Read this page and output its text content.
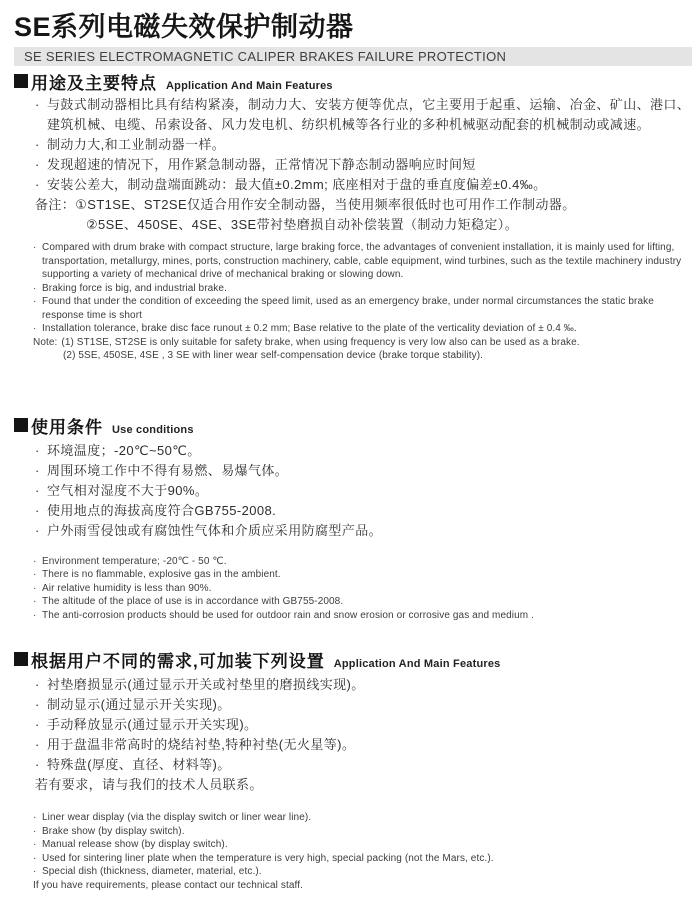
SE系列电磁失效保护制动器
SE SERIES ELECTROMAGNETIC CALIPER BRAKES FAILURE PROTECTION
用途及主要特点 Application And Main Features
· 与鼓式制动器相比具有结构紧凑，制动力大、安装方便等优点，它主要用于起重、运输、冶金、矿山、港口、建筑机械、电缆、吊索设备、风力发电机、纺织机械等各行业的多种机械驱动配套的机械制动或减速。
· 制动力大,和工业制动器一样。
· 发现超速的情况下，用作紧急制动器，正常情况下静态制动器响应时间短
· 安装公差大，制动盘端面跳动：最大值±0.2mm; 底座相对于盘的垂直度偏差±0.4‰。
备注： ①ST1SE、ST2SE仅适合用作安全制动器，当使用频率很低时也可用作工作制动器。
②5SE、450SE、4SE、3SE带衬垫磨损自动补偿装置（制动力矩稳定）。
· Compared with drum brake with compact structure, large braking force, the advantages of convenient installation, it is mainly used for lifting, transportation, metallurgy, mines, ports, construction machinery, cable, cable equipment, wind turbines, such as the textile machinery industry supporting a variety of mechanical drive of mechanical braking or slowing down.
· Braking force is big, and industrial brake.
· Found that under the condition of exceeding the speed limit, used as an emergency brake, under normal circumstances the static brake response time is short
· Installation tolerance, brake disc face runout ± 0.2 mm; Base relative to the plate of the verticality deviation of ± 0.4 ‰.
Note: (1) ST1SE, ST2SE is only suitable for safety brake, when using frequency is very low also can be used as a brake.
(2) 5SE, 450SE, 4SE , 3 SE with liner wear self-compensation device (brake torque stability).
使用条件 Use conditions
· 环境温度；-20℃~50℃。
· 周围环境工作中不得有易燃、易爆气体。
· 空气相对湿度不大于90%。
· 使用地点的海拔高度符合GB755-2008.
· 户外雨雪侵蚀或有腐蚀性气体和介质应采用防腐型产品。
· Environment temperature; -20℃ - 50 ℃.
· There is no flammable, explosive gas in the ambient.
· Air relative humidity is less than 90%.
· The altitude of the place of use is in accordance with GB755-2008.
· The anti-corrosion products should be used for outdoor rain and snow erosion or corrosive gas and medium .
根据用户不同的需求,可加装下列设置 Application And Main Features
· 衬垫磨损显示(通过显示开关或衬垫里的磨损线实现)。
· 制动显示(通过显示开关实现)。
· 手动释放显示(通过显示开关实现)。
· 用于盘温非常高时的烧结衬垫,特种衬垫(无火星等)。
· 特殊盘(厚度、直径、材料等)。
若有要求，请与我们的技术人员联系。
· Liner wear display (via the display switch or liner wear line).
· Brake show (by display switch).
· Manual release show (by display switch).
· Used for sintering liner plate when the temperature is very high, special packing (not the Mars, etc.).
· Special dish (thickness, diameter, material, etc.).
If you have requirements, please contact our technical staff.
